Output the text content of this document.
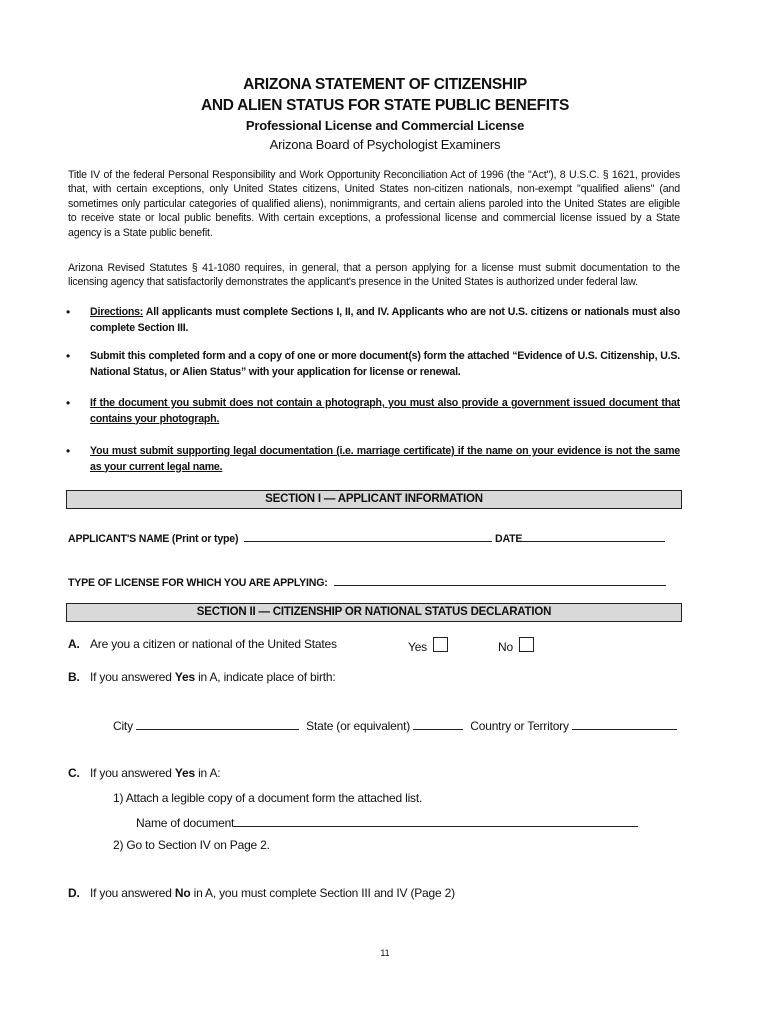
ARIZONA STATEMENT OF CITIZENSHIP
AND ALIEN STATUS FOR STATE PUBLIC BENEFITS
Professional License and Commercial License
Arizona Board of Psychologist Examiners
Title IV of the federal Personal Responsibility and Work Opportunity Reconciliation Act of 1996 (the "Act"), 8 U.S.C. § 1621, provides that, with certain exceptions, only United States citizens, United States non-citizen nationals, non-exempt "qualified aliens" (and sometimes only particular categories of qualified aliens), nonimmigrants, and certain aliens paroled into the United States are eligible to receive state or local public benefits. With certain exceptions, a professional license and commercial license issued by a State agency is a State public benefit.
Arizona Revised Statutes § 41-1080 requires, in general, that a person applying for a license must submit documentation to the licensing agency that satisfactorily demonstrates the applicant's presence in the United States is authorized under federal law.
• Directions: All applicants must complete Sections I, II, and IV. Applicants who are not U.S. citizens or nationals must also complete Section III.
• Submit this completed form and a copy of one or more document(s) form the attached “Evidence of U.S. Citizenship, U.S. National Status, or Alien Status” with your application for license or renewal.
• If the document you submit does not contain a photograph, you must also provide a government issued document that contains your photograph.
• You must submit supporting legal documentation (i.e. marriage certificate) if the name on your evidence is not the same as your current legal name.
SECTION I — APPLICANT INFORMATION
APPLICANT'S NAME (Print or type)	DATE
TYPE OF LICENSE FOR WHICH YOU ARE APPLYING:
SECTION II — CITIZENSHIP OR NATIONAL STATUS DECLARATION
A. Are you a citizen or national of the United States	Yes	No
B. If you answered Yes in A, indicate place of birth:
City	State (or equivalent)	Country or Territory
C. If you answered Yes in A:
1) Attach a legible copy of a document form the attached list.
Name of document
2) Go to Section IV on Page 2.
D. If you answered No in A, you must complete Section III and IV (Page 2)
11
